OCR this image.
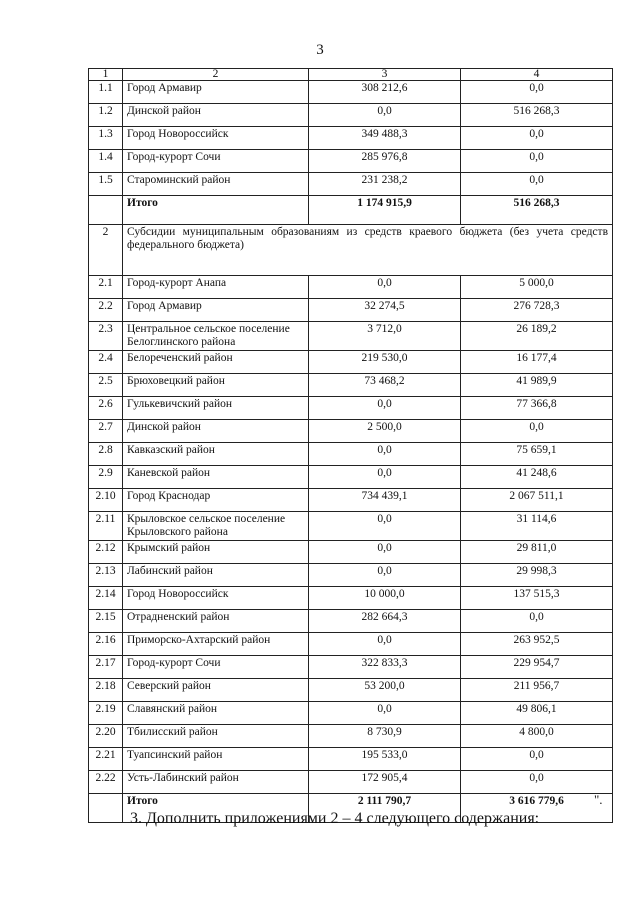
3
1	2	3	4
1.1	Город Армавир	308 212,6	0,0
1.2	Динской район	0,0	516 268,3
1.3	Город Новороссийск	349 488,3	0,0
1.4	Город-курорт Сочи	285 976,8	0,0
1.5	Староминский район	231 238,2	0,0
	Итого	1 174 915,9	516 268,3
2	Субсидии муниципальным образованиям из средств краевого бюджета (без учета средств федерального бюджета)		
2.1	Город-курорт Анапа	0,0	5 000,0
2.2	Город Армавир	32 274,5	276 728,3
2.3	Центральное сельское поселение Белоглинского района	3 712,0	26 189,2
2.4	Белореченский район	219 530,0	16 177,4
2.5	Брюховецкий район	73 468,2	41 989,9
2.6	Гулькевичский район	0,0	77 366,8
2.7	Динской район	2 500,0	0,0
2.8	Кавказский район	0,0	75 659,1
2.9	Каневской район	0,0	41 248,6
2.10	Город Краснодар	734 439,1	2 067 511,1
2.11	Крыловское сельское поселение Крыловского района	0,0	31 114,6
2.12	Крымский район	0,0	29 811,0
2.13	Лабинский район	0,0	29 998,3
2.14	Город Новороссийск	10 000,0	137 515,3
2.15	Отрадненский район	282 664,3	0,0
2.16	Приморско-Ахтарский район	0,0	263 952,5
2.17	Город-курорт Сочи	322 833,3	229 954,7
2.18	Северский район	53 200,0	211 956,7
2.19	Славянский район	0,0	49 806,1
2.20	Тбилисский район	8 730,9	4 800,0
2.21	Туапсинский район	195 533,0	0,0
2.22	Усть-Лабинский район	172 905,4	0,0
	Итого	2 111 790,7	3 616 779,6 ".
3. Дополнить приложениями 2 – 4 следующего содержания:
